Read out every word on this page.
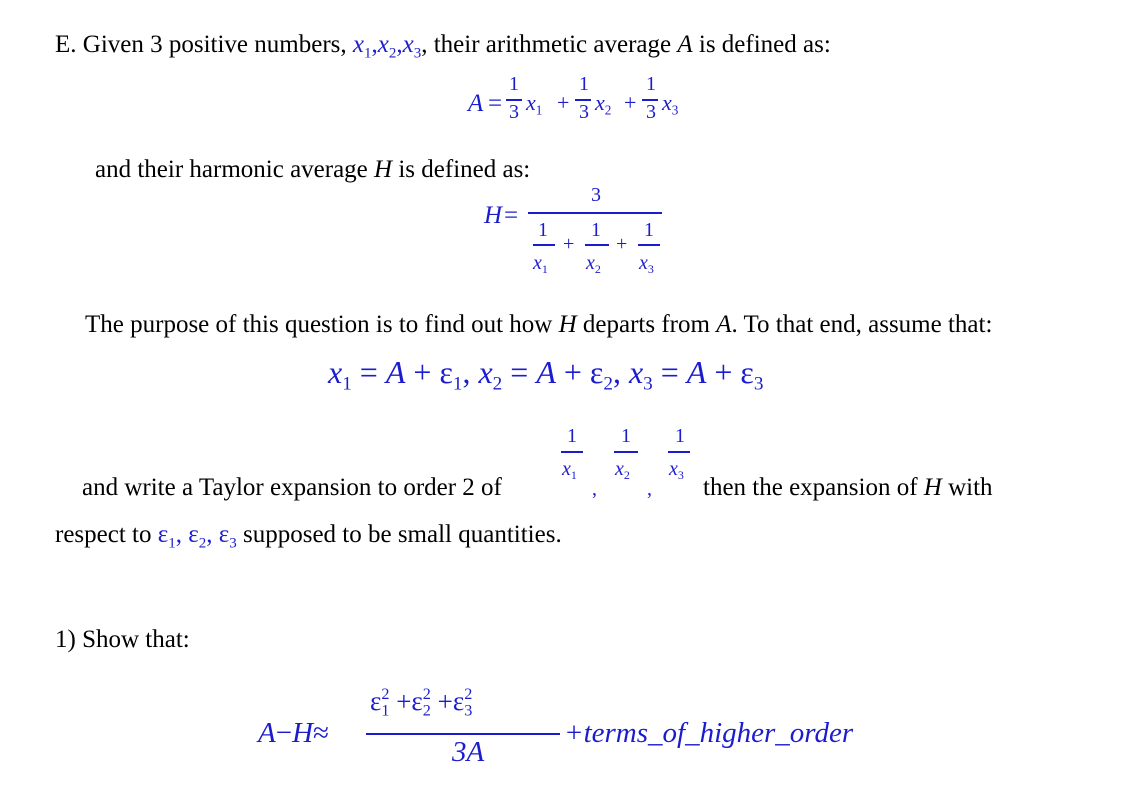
E. Given 3 positive numbers, $x_1,x_2,x_3$, their arithmetic average A is defined as:
A =
1
3 $x_1$ +
1
3 $x_2$ +
1
3 $x_3$
and their harmonic average H is defined as:
H =
3
1
$x_1$
+
1
$x_2$
+
1
$x_3$
The purpose of this question is to find out how H departs from A. To that end, assume that:
$x_1 = A + \varepsilon_1$, $x_2 = A + \varepsilon_2$, $x_3 = A + \varepsilon_3$
and write a Taylor expansion to order 2 of
1
$x_1$
,
1
$x_2$
,
1
$x_3$ then the expansion of H with
respect to $\varepsilon_1$, $\varepsilon_2$, $\varepsilon_3$ supposed to be small quantities.
1) Show that:
A−H≈
$\varepsilon_1^2 +\varepsilon_2^2 +\varepsilon_3^2$
3A
+terms_of_higher_order
